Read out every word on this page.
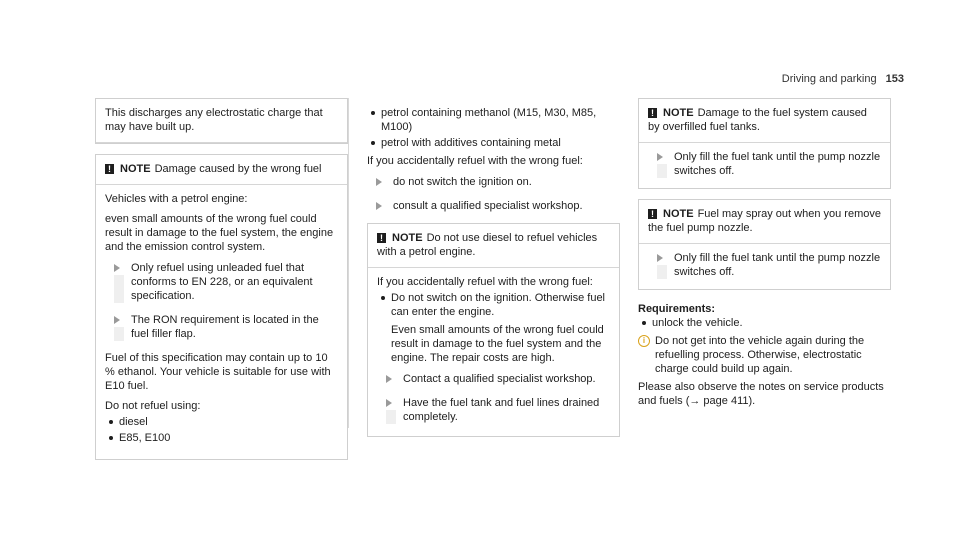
Driving and parking 153
This discharges any electrostatic charge that may have built up.
! NOTE Damage caused by the wrong fuel
Vehicles with a petrol engine:
even small amounts of the wrong fuel could result in damage to the fuel system, the engine and the emission control system.
Only refuel using unleaded fuel that conforms to EN 228, or an equivalent specification.
The RON requirement is located in the fuel filler flap.
Fuel of this specification may contain up to 10 % ethanol. Your vehicle is suitable for use with E10 fuel.
Do not refuel using:
diesel
E85, E100
petrol containing methanol (M15, M30, M85, M100)
petrol with additives containing metal
If you accidentally refuel with the wrong fuel:
do not switch the ignition on.
consult a qualified specialist workshop.
! NOTE Do not use diesel to refuel vehicles with a petrol engine.
If you accidentally refuel with the wrong fuel:
Do not switch on the ignition. Otherwise fuel can enter the engine.
Even small amounts of the wrong fuel could result in damage to the fuel system and the engine. The repair costs are high.
Contact a qualified specialist workshop.
Have the fuel tank and fuel lines drained completely.
! NOTE Damage to the fuel system caused by overfilled fuel tanks.
Only fill the fuel tank until the pump nozzle switches off.
! NOTE Fuel may spray out when you remove the fuel pump nozzle.
Only fill the fuel tank until the pump nozzle switches off.
Requirements:
unlock the vehicle.
i Do not get into the vehicle again during the refuelling process. Otherwise, electrostatic charge could build up again.
Please also observe the notes on service products and fuels (→ page 411).
